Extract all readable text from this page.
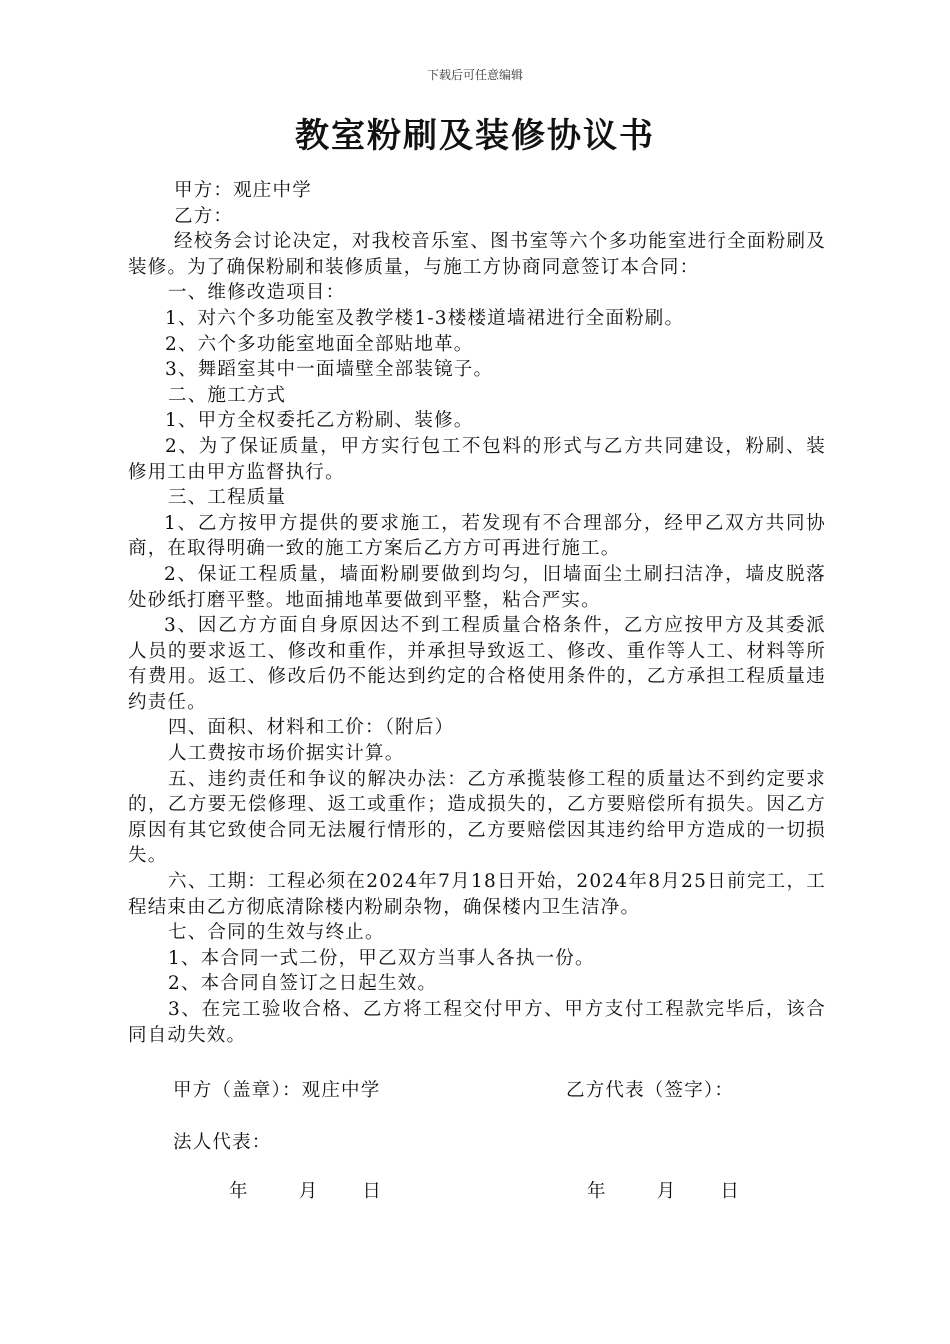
下载后可任意编辑
教室粉刷及装修协议书

甲方：观庄中学

乙方：

经校务会讨论决定，对我校音乐室、图书室等六个多功能室进行全面粉刷及装修。为了确保粉刷和装修质量，与施工方协商同意签订本合同：

一、维修改造项目：

1、对六个多功能室及教学楼1-3楼楼道墙裙进行全面粉刷。

2、六个多功能室地面全部贴地革。

3、舞蹈室其中一面墙壁全部装镜子。

二、施工方式

1、甲方全权委托乙方粉刷、装修。

2、为了保证质量，甲方实行包工不包料的形式与乙方共同建设，粉刷、装修用工由甲方监督执行。

三、工程质量

1、乙方按甲方提供的要求施工，若发现有不合理部分，经甲乙双方共同协商，在取得明确一致的施工方案后乙方方可再进行施工。

2、保证工程质量，墙面粉刷要做到均匀，旧墙面尘土刷扫洁净，墙皮脱落处砂纸打磨平整。地面捕地革要做到平整，粘合严实。

3、因乙方方面自身原因达不到工程质量合格条件，乙方应按甲方及其委派人员的要求返工、修改和重作，并承担导致返工、修改、重作等人工、材料等所有费用。返工、修改后仍不能达到约定的合格使用条件的，乙方承担工程质量违约责任。

四、面积、材料和工价：（附后）

人工费按市场价据实计算。

五、违约责任和争议的解决办法：乙方承揽装修工程的质量达不到约定要求的，乙方要无偿修理、返工或重作；造成损失的，乙方要赔偿所有损失。因乙方原因有其它致使合同无法履行情形的，乙方要赔偿因其违约给甲方造成的一切损失。

六、工期：工程必须在2024年7月18日开始，2024年8月25日前完工，工程结束由乙方彻底清除楼内粉刷杂物，确保楼内卫生洁净。

七、合同的生效与终止。

1、本合同一式二份，甲乙双方当事人各执一份。

2、本合同自签订之日起生效。

3、在完工验收合格、乙方将工程交付甲方、甲方支付工程款完毕后，该合同自动失效。

甲方（盖章）：观庄中学	乙方代表（签字）：
法人代表：
年	月 日	年	月 日
